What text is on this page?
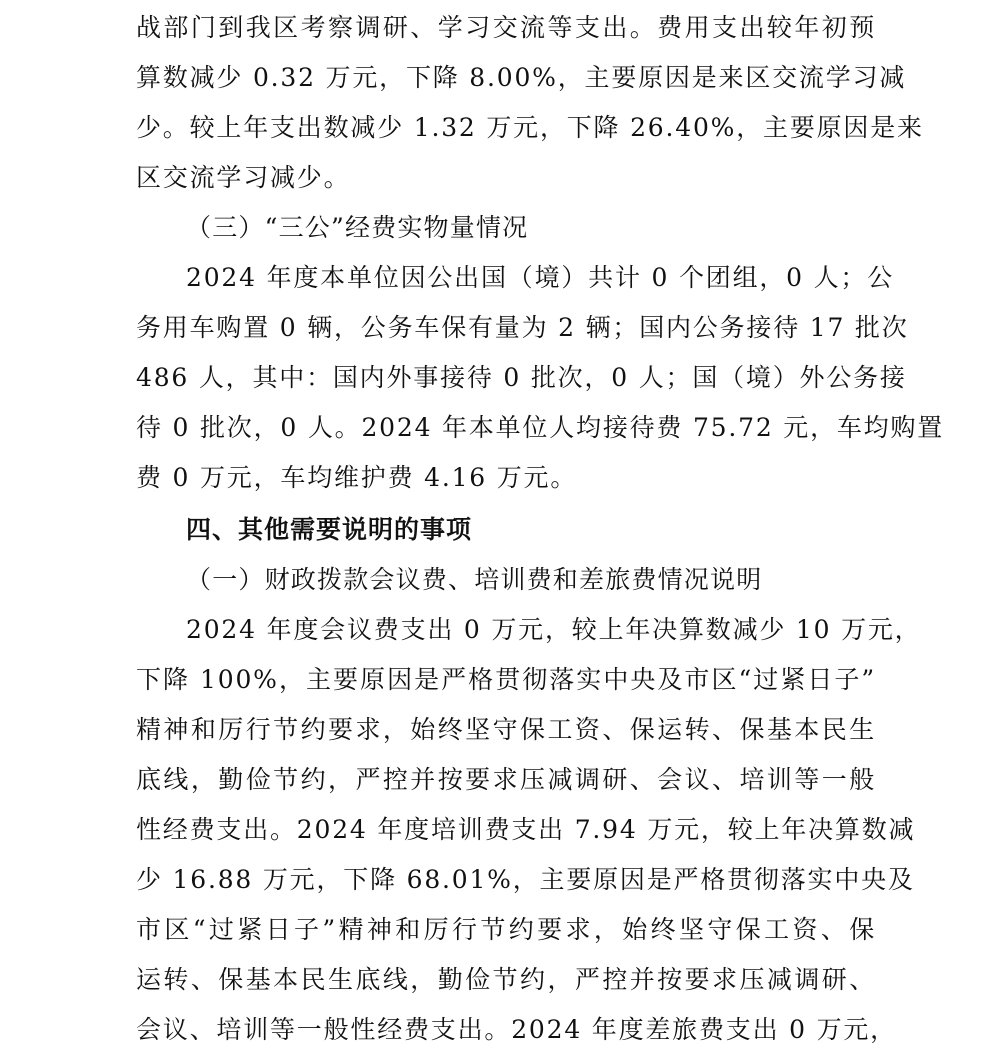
战部门到我区考察调研、学习交流等支出。费用支出较年初预
算数减少 0.32 万元，下降 8.00%，主要原因是来区交流学习减
少。较上年支出数减少 1.32 万元，下降 26.40%，主要原因是来
区交流学习减少。
（三）“三公”经费实物量情况
2024 年度本单位因公出国（境）共计 0 个团组，0 人；公
务用车购置 0 辆，公务车保有量为 2 辆；国内公务接待 17 批次
486 人，其中：国内外事接待 0 批次，0 人；国（境）外公务接
待 0 批次，0 人。2024 年本单位人均接待费 75.72 元，车均购置
费 0 万元，车均维护费 4.16 万元。
四、其他需要说明的事项
（一）财政拨款会议费、培训费和差旅费情况说明
2024 年度会议费支出 0 万元，较上年决算数减少 10 万元，
下降 100%，主要原因是严格贯彻落实中央及市区“过紧日子”
精神和厉行节约要求，始终坚守保工资、保运转、保基本民生
底线，勤俭节约，严控并按要求压减调研、会议、培训等一般
性经费支出。2024 年度培训费支出 7.94 万元，较上年决算数减
少 16.88 万元，下降 68.01%，主要原因是严格贯彻落实中央及
市区“过紧日子”精神和厉行节约要求，始终坚守保工资、保
运转、保基本民生底线，勤俭节约，严控并按要求压减调研、
会议、培训等一般性经费支出。2024 年度差旅费支出 0 万元，
